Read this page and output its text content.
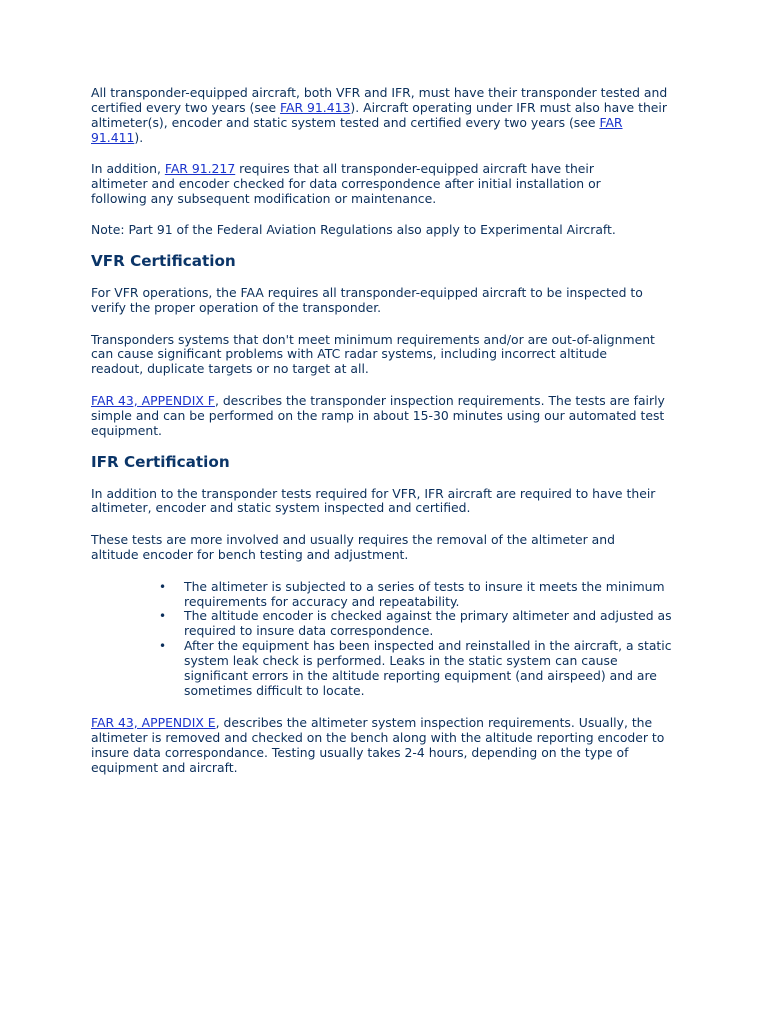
All transponder-equipped aircraft, both VFR and IFR, must have their transponder tested and certified every two years (see FAR 91.413). Aircraft operating under IFR must also have their altimeter(s), encoder and static system tested and certified every two years (see FAR 91.411).

In addition, FAR 91.217 requires that all transponder-equipped aircraft have their altimeter and encoder checked for data correspondence after initial installation or following any subsequent modification or maintenance.

Note: Part 91 of the Federal Aviation Regulations also apply to Experimental Aircraft.

VFR Certification

For VFR operations, the FAA requires all transponder-equipped aircraft to be inspected to verify the proper operation of the transponder.

Transponders systems that don't meet minimum requirements and/or are out-of-alignment can cause significant problems with ATC radar systems, including incorrect altitude readout, duplicate targets or no target at all.

FAR 43, APPENDIX F, describes the transponder inspection requirements. The tests are fairly simple and can be performed on the ramp in about 15-30 minutes using our automated test equipment.

IFR Certification

In addition to the transponder tests required for VFR, IFR aircraft are required to have their altimeter, encoder and static system inspected and certified.

These tests are more involved and usually requires the removal of the altimeter and altitude encoder for bench testing and adjustment.

• The altimeter is subjected to a series of tests to insure it meets the minimum requirements for accuracy and repeatability.
• The altitude encoder is checked against the primary altimeter and adjusted as required to insure data correspondence.
• After the equipment has been inspected and reinstalled in the aircraft, a static system leak check is performed. Leaks in the static system can cause significant errors in the altitude reporting equipment (and airspeed) and are sometimes difficult to locate.

FAR 43, APPENDIX E, describes the altimeter system inspection requirements. Usually, the altimeter is removed and checked on the bench along with the altitude reporting encoder to insure data correspondance. Testing usually takes 2-4 hours, depending on the type of equipment and aircraft.
